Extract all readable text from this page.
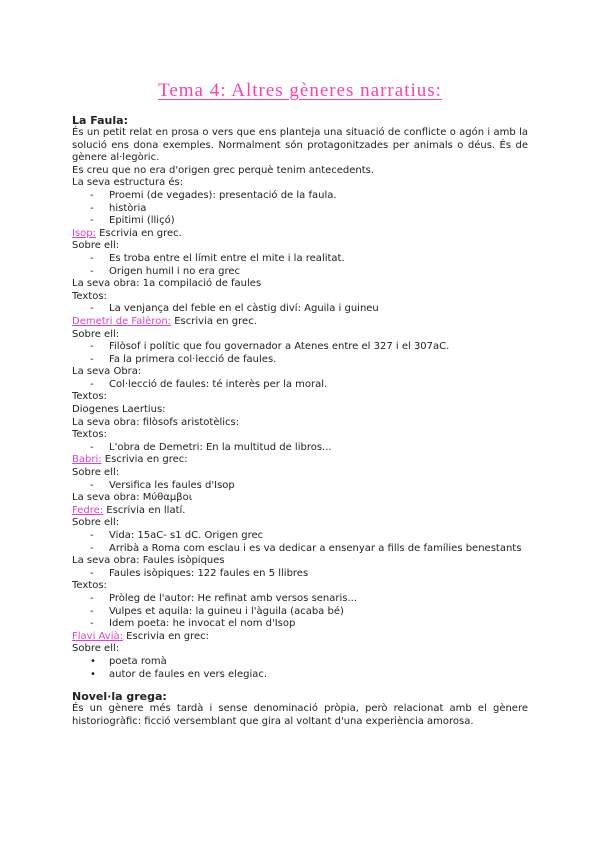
Tema 4: Altres gèneres narratius:
La Faula:
És un petit relat en prosa o vers que ens planteja una situació de conflicte o agón i amb la solució ens dona exemples. Normalment són protagonitzades per animals o déus. És de gènere al·legòric.
Es creu que no era d'origen grec perquè tenim antecedents.
La seva estructura és:
- Proemi (de vegades): presentació de la faula.
- història
- Epitimi (lliçó)
Isop: Escrivia en grec.
Sobre ell:
- Es troba entre el límit entre el mite i la realitat.
- Origen humil i no era grec
La seva obra: 1a compilació de faules
Textos:
- La venjança del feble en el càstig diví: Aguila i guineu
Demetri de Falèron: Escrivia en grec.
Sobre ell:
- Filòsof i polític que fou governador a Atenes entre el 327 i el 307aC.
- Fa la primera col·lecció de faules.
La seva Obra:
- Col·lecció de faules: té interès per la moral.
Textos:
Diogenes Laertius:
La seva obra: filòsofs aristotèlics:
Textos:
- L'obra de Demetri: En la multitud de libros...
Babri: Escrivia en grec:
Sobre ell:
- Versifica les faules d'Isop
La seva obra: Μύθαμβοι
Fedre: Escrivia en llatí.
Sobre ell:
- Vida: 15aC- s1 dC. Origen grec
- Arribà a Roma com esclau i es va dedicar a ensenyar a fills de famílies benestants
La seva obra: Faules isòpiques
- Faules isòpiques: 122 faules en 5 llibres
Textos:
- Pròleg de l'autor: He refinat amb versos senaris...
- Vulpes et aquila: la guineu i l'àguila (acaba bé)
- Idem poeta: he invocat el nom d'Isop
Flavi Avià: Escrivia en grec:
Sobre ell:
• poeta romà
• autor de faules en vers elegiac.
Novel·la grega:
És un gènere més tardà i sense denominació pròpia, però relacionat amb el gènere historiogràfic: ficció versemblant que gira al voltant d'una experiència amorosa.
